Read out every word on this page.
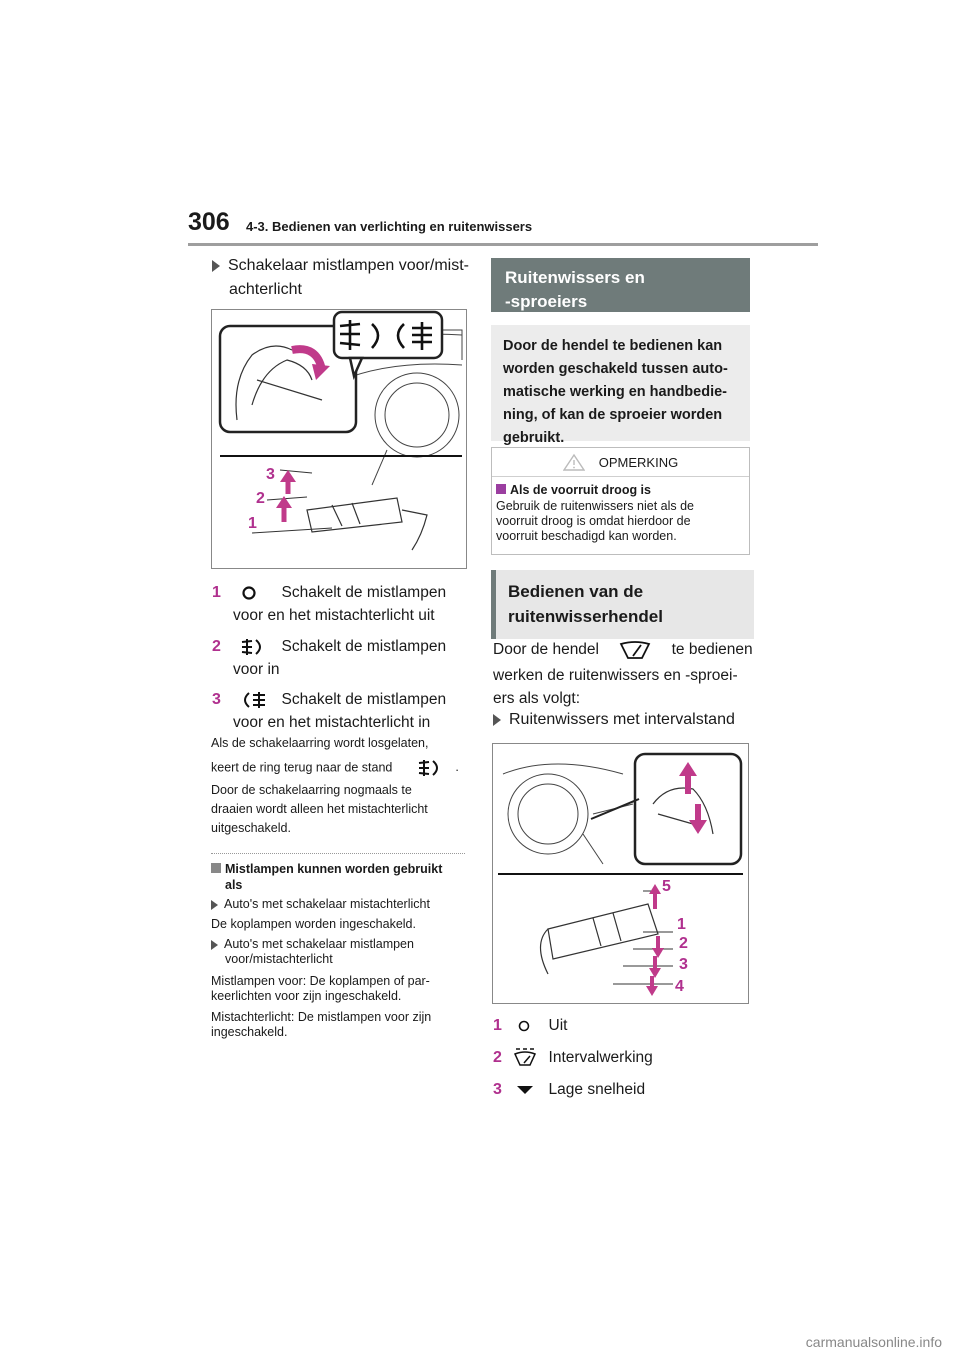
306 4-3. Bedienen van verlichting en ruitenwissers
Schakelaar mistlampen voor/mist-
achterlicht
3
2
1
1	Schakelt de mistlampen
voor en het mistachterlicht uit
2	Schakelt de mistlampen
voor in
3	Schakelt de mistlampen
voor en het mistachterlicht in
Als de schakelaarring wordt losgelaten,
keert de ring terug naar de stand	.
Door de schakelaarring nogmaals te
draaien wordt alleen het mistachterlicht
uitgeschakeld.
Mistlampen kunnen worden gebruikt
als
Auto's met schakelaar mistachterlicht
De koplampen worden ingeschakeld.
Auto's met schakelaar mistlampen
voor/mistachterlicht
Mistlampen voor: De koplampen of par-
keerlichten voor zijn ingeschakeld.
Mistachterlicht: De mistlampen voor zijn
ingeschakeld.
Ruitenwissers en
-sproeiers
Door de hendel te bedienen kan
worden geschakeld tussen auto-
matische werking en handbedie-
ning, of kan de sproeier worden
gebruikt.
OPMERKING
Als de voorruit droog is
Gebruik de ruitenwissers niet als de
voorruit droog is omdat hierdoor de
voorruit beschadigd kan worden.
Bedienen van de
ruitenwisserhendel
Door de hendel	te bedienen
werken de ruitenwissers en -sproei-
ers als volgt:
Ruitenwissers met intervalstand
5
1
2
3
4
1	Uit
2	Intervalwerking
3	Lage snelheid
carmanualsonline.info
